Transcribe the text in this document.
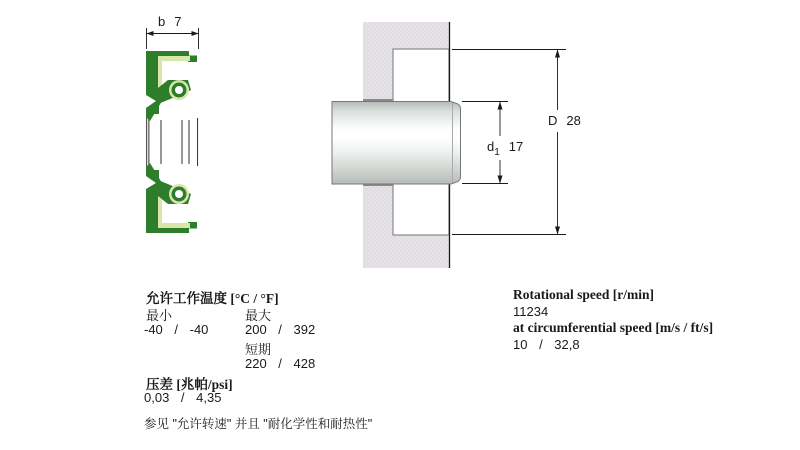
b 7
D 28
$d_1$ 17
允许工作温度 [°C / °F]
最小	最大
-40 / -40	200 / 392
短期
220 / 428
压差 [兆帕/psi]
0,03 / 4,35
参见 "允许转速" 并且 "耐化学性和耐热性"
Rotational speed [r/min]
11234
at circumferential speed [m/s / ft/s]
10 / 32,8
